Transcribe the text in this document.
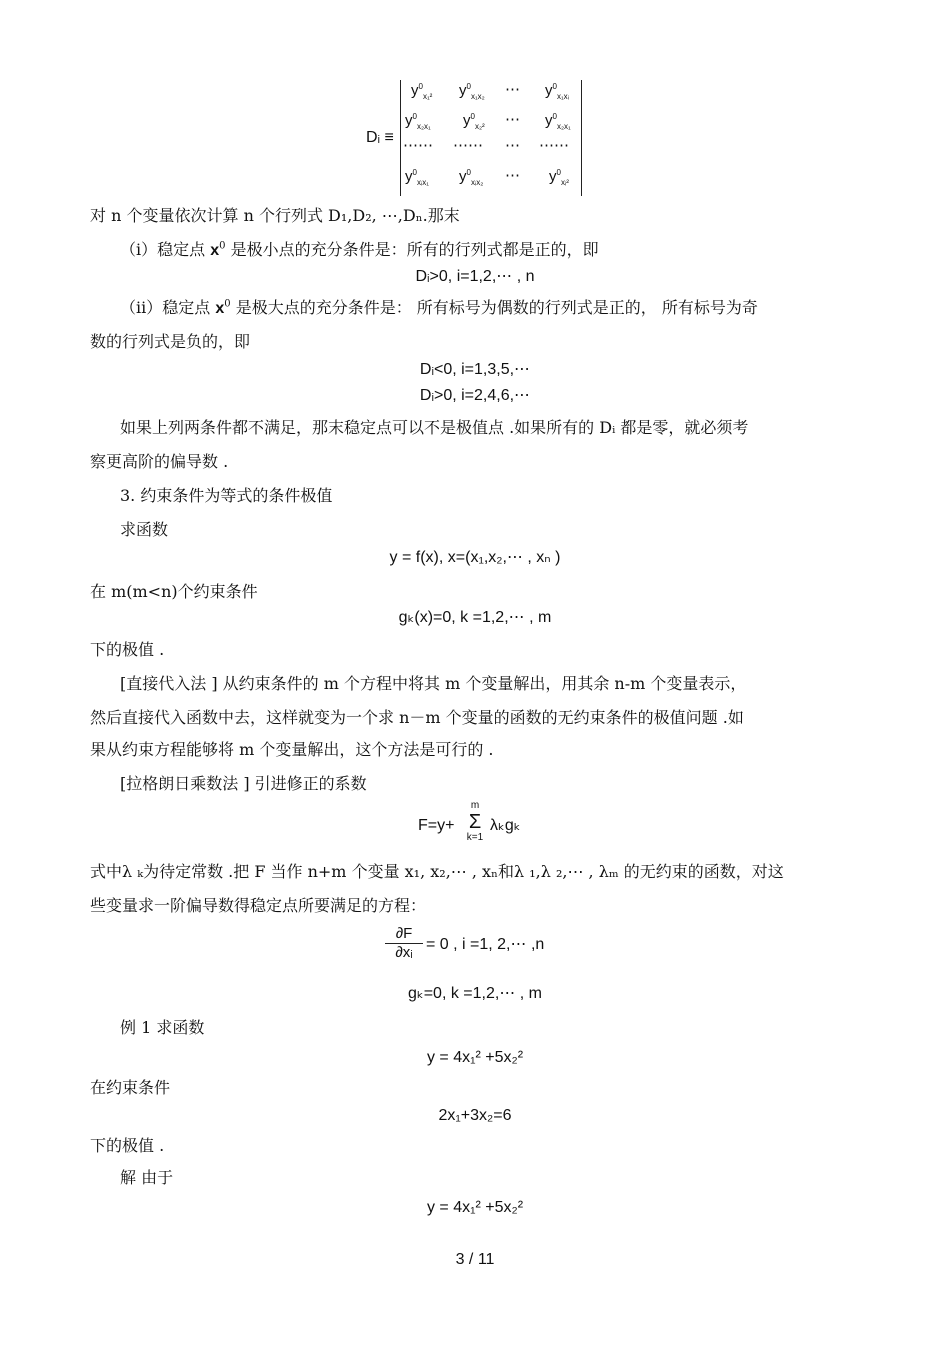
Dᵢ ≡
$y^0_{x_1^2}$ $y^0_{x_1x_2}$ ⋯ $y^0_{x_1xᵢ}$
$y^0_{x_2x_1}$ $y^0_{x_2^2}$ ⋯ $y^0_{x_2x_1}$
⋯⋯ ⋯⋯ ⋯ ⋯⋯
$y^0_{xᵢx_1}$ $y^0_{xᵢx_2}$ ⋯ $y^0_{xᵢ^2}$
对 n 个变量依次计算 n 个行列式 D₁,D₂, ⋯,Dₙ.那末
（i）稳定点 $x^0$ 是极小点的充分条件是：所有的行列式都是正的，即
Dᵢ>0, i=1,2,⋯ , n
（ii）稳定点 $x^0$ 是极大点的充分条件是： 所有标号为偶数的行列式是正的， 所有标号为奇
数的行列式是负的，即
Dᵢ<0, i=1,3,5,⋯
Dᵢ>0, i=2,4,6,⋯
如果上列两条件都不满足，那末稳定点可以不是极值点 .如果所有的 Dᵢ 都是零，就必须考
察更高阶的偏导数 .
3. 约束条件为等式的条件极值
求函数
y = f(x), x=(x₁,x₂,⋯ , xₙ )
在 m(m<n)个约束条件
gₖ(x)=0, k =1,2,⋯ , m
下的极值 .
[直接代入法 ] 从约束条件的 m 个方程中将其 m 个变量解出，用其余 n-m 个变量表示，
然后直接代入函数中去，这样就变为一个求 n－m 个变量的函数的无约束条件的极值问题 .如
果从约束方程能够将 m 个变量解出，这个方法是可行的 .
[拉格朗日乘数法 ] 引进修正的系数
F=y+
m
Σ
k=1
λₖgₖ
式中λ ₖ为待定常数 .把 F 当作 n+m 个变量 x₁, x₂,⋯ , xₙ和λ ₁,λ ₂,⋯ , λₘ 的无约束的函数，对这
些变量求一阶偏导数得稳定点所要满足的方程：
$\frac{\partial F}{\text{∂xᵢ}} = 0$ , i =1, 2,⋯ ,n
gₖ=0, k =1,2,⋯ , m
例 1 求函数
y = 4x₁² +5x₂²
在约束条件
2x₁+3x₂=6
下的极值 .
解 由于
y = 4x₁² +5x₂²
3 / 11
